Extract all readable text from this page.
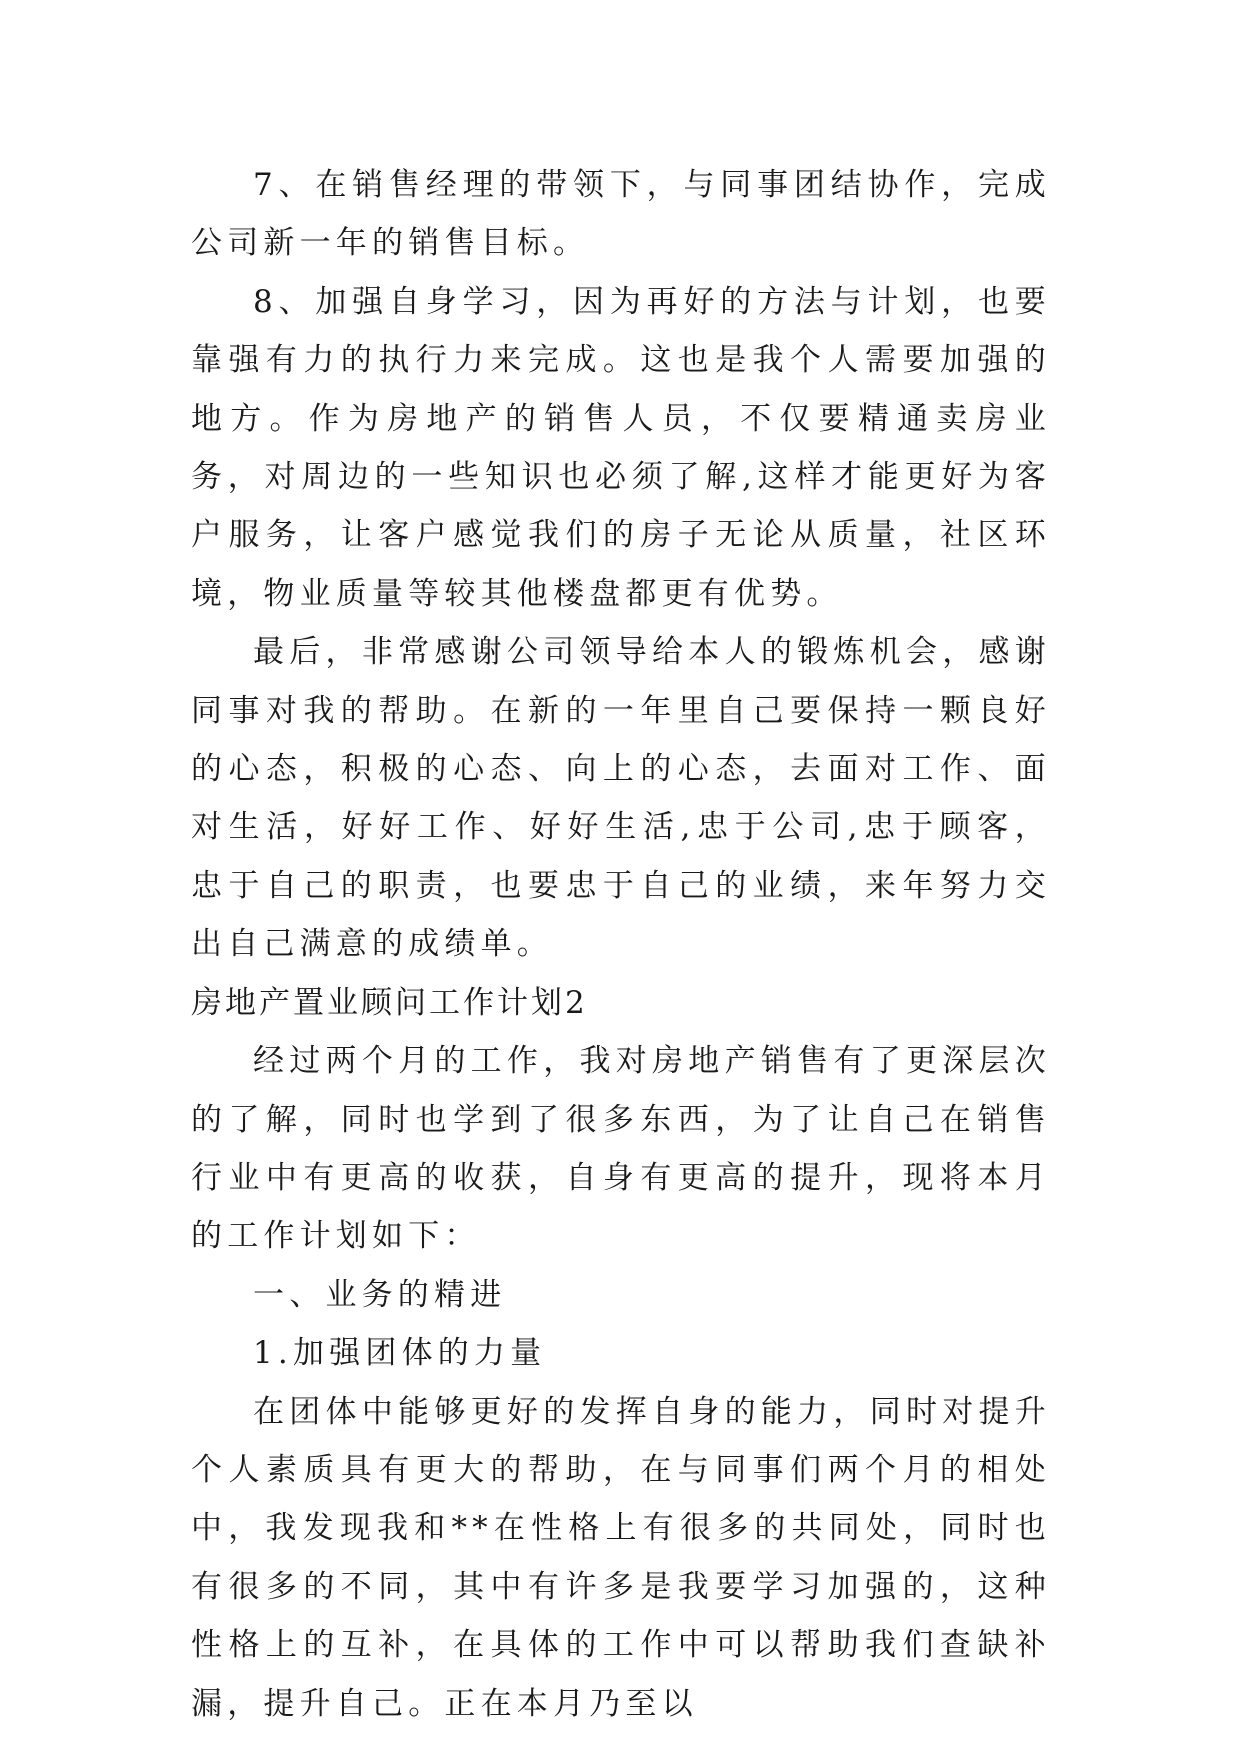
7、在销售经理的带领下，与同事团结协作，完成公司新一年的销售目标。

8、加强自身学习，因为再好的方法与计划，也要靠强有力的执行力来完成。这也是我个人需要加强的地方。作为房地产的销售人员，不仅要精通卖房业务，对周边的一些知识也必须了解,这样才能更好为客户服务，让客户感觉我们的房子无论从质量，社区环境，物业质量等较其他楼盘都更有优势。

最后，非常感谢公司领导给本人的锻炼机会，感谢同事对我的帮助。在新的一年里自己要保持一颗良好的心态，积极的心态、向上的心态，去面对工作、面对生活，好好工作、好好生活,忠于公司,忠于顾客，忠于自己的职责，也要忠于自己的业绩，来年努力交出自己满意的成绩单。

房地产置业顾问工作计划2

经过两个月的工作，我对房地产销售有了更深层次的了解，同时也学到了很多东西，为了让自己在销售行业中有更高的收获，自身有更高的提升，现将本月的工作计划如下：

一、业务的精进

1.加强团体的力量

在团体中能够更好的发挥自身的能力，同时对提升个人素质具有更大的帮助，在与同事们两个月的相处中，我发现我和**在性格上有很多的共同处，同时也有很多的不同，其中有许多是我要学习加强的，这种性格上的互补，在具体的工作中可以帮助我们查缺补漏，提升自己。正在本月乃至以
